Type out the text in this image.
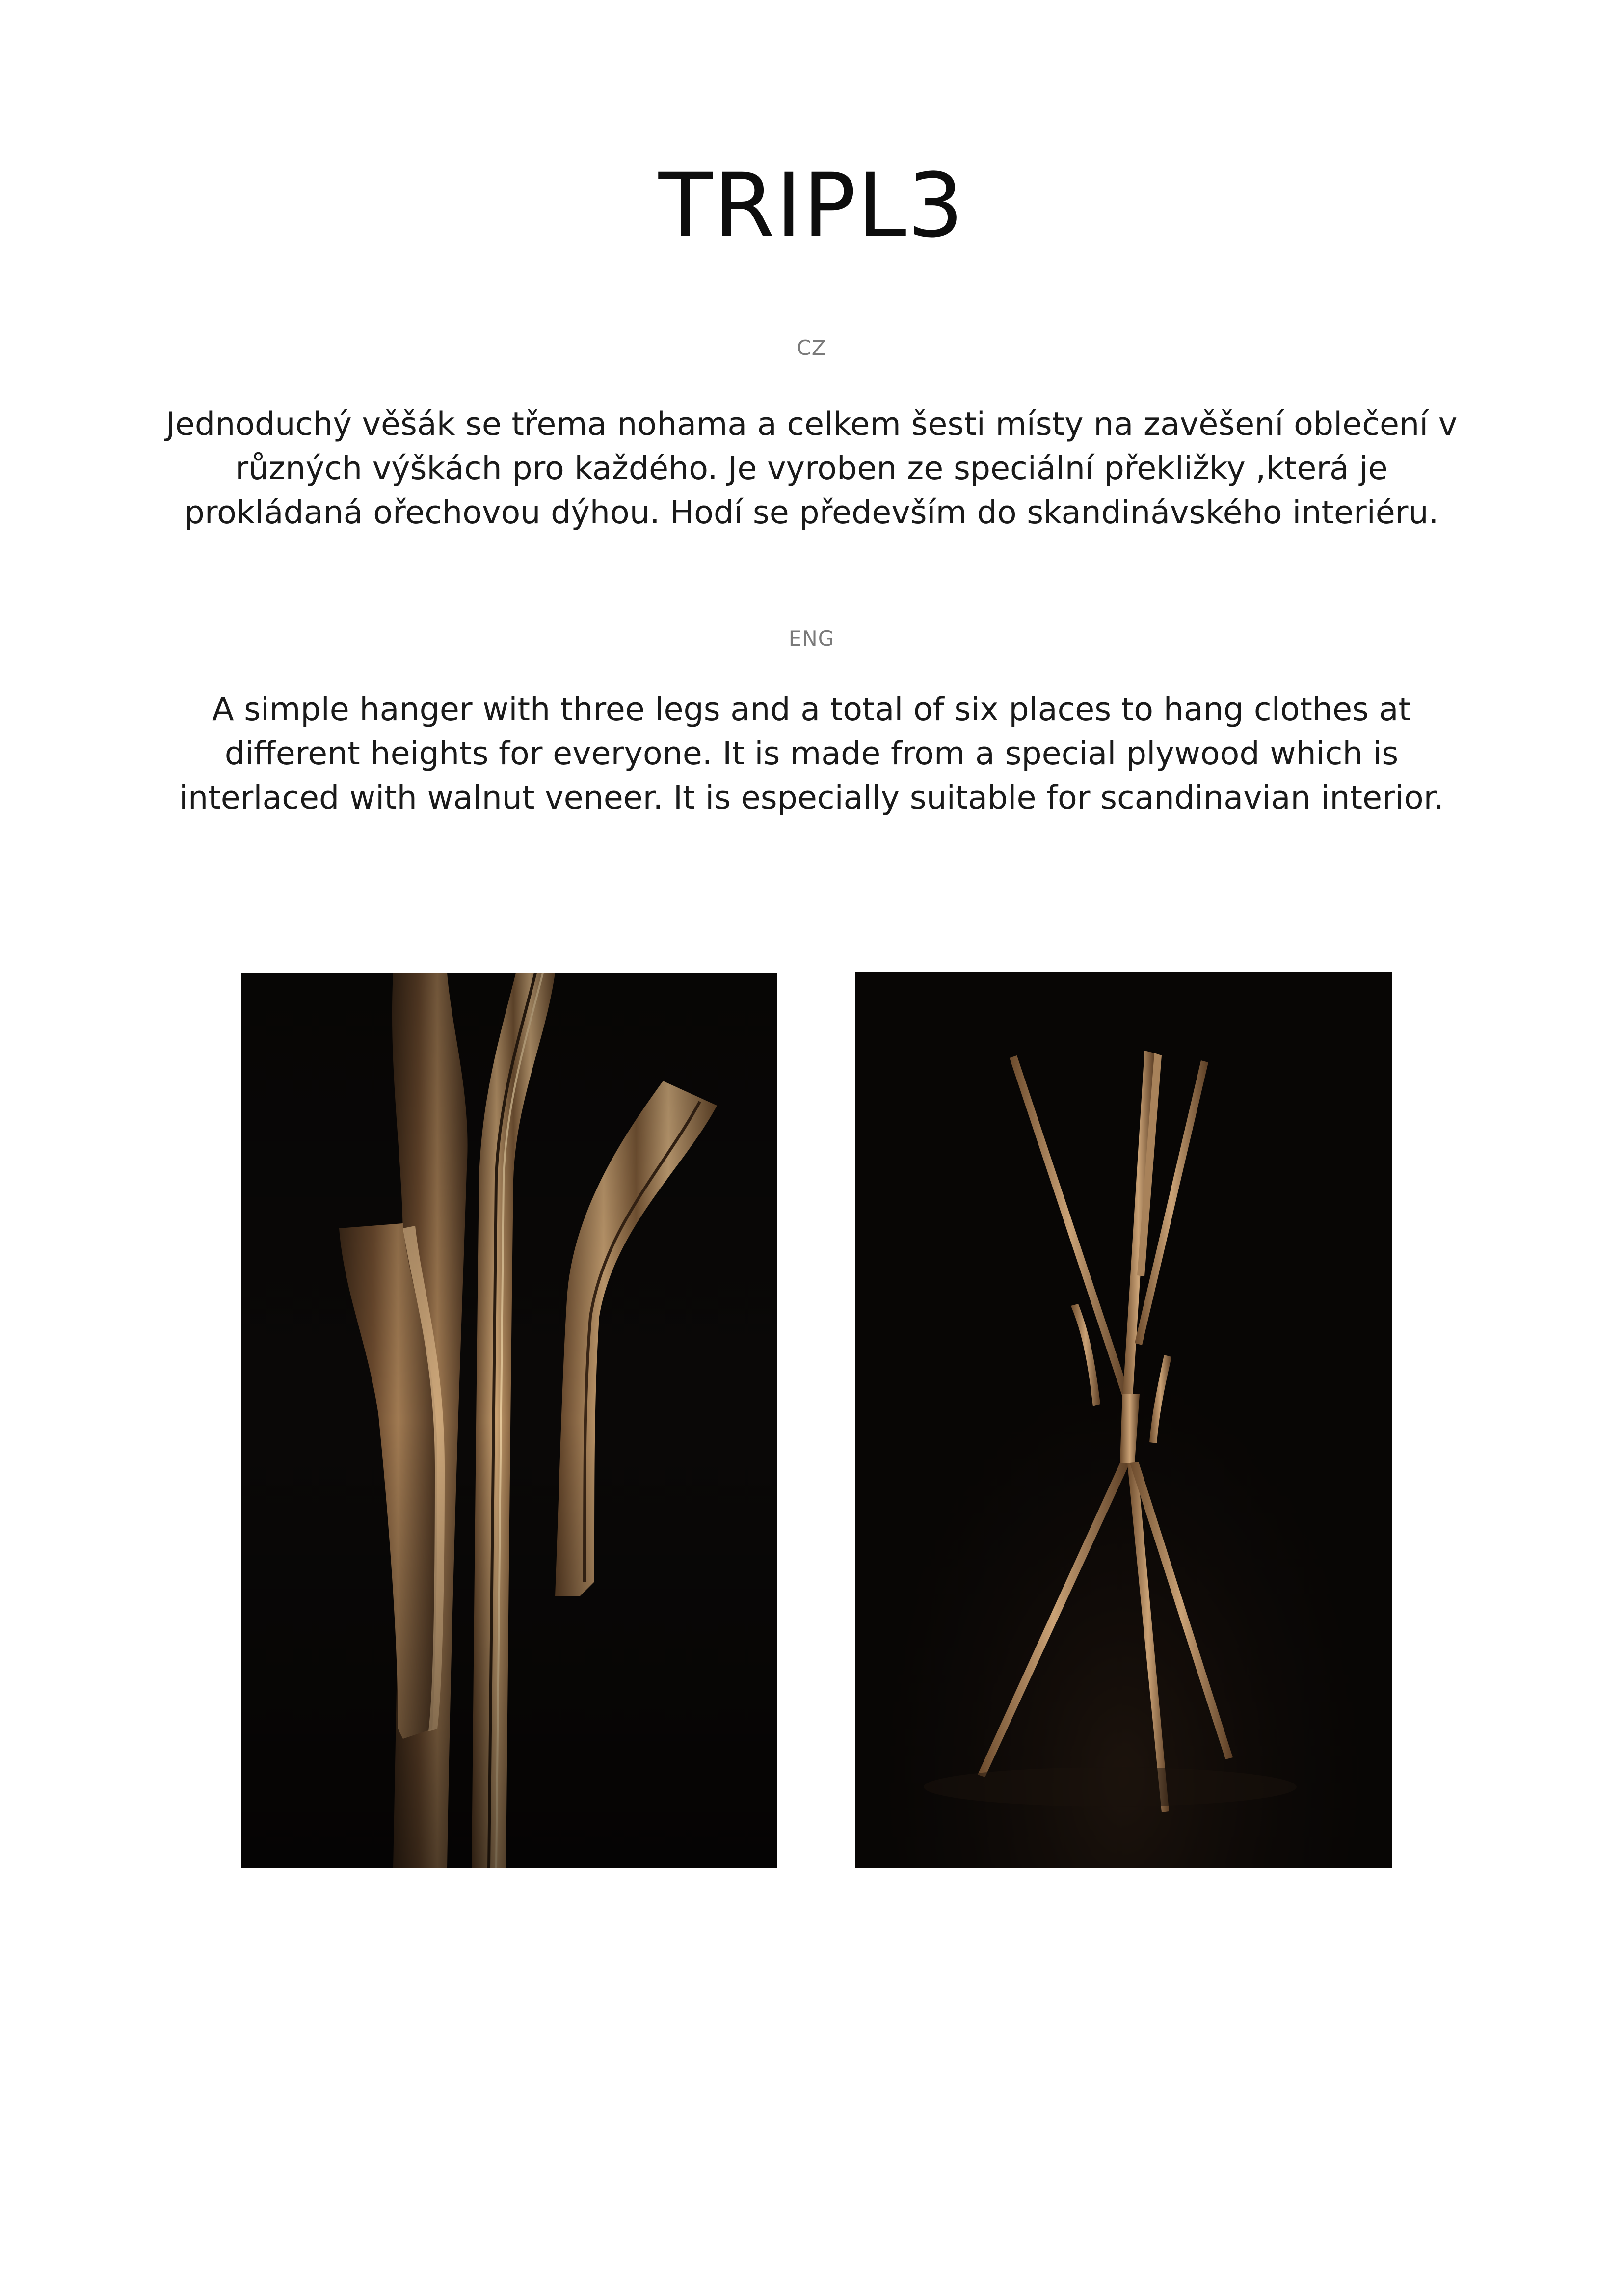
TRIPL3
CZ

Jednoduchý věšák se třema nohama a celkem šesti místy na zavěšení oblečení v různých výškách pro každého. Je vyroben ze speciální překližky ,která je prokládaná ořechovou dýhou. Hodí se především do skandinávského interiéru.

ENG

A simple hanger with three legs and a total of six places to hang clothes at different heights for everyone. It is made from a special plywood which is interlaced with walnut veneer. It is especially suitable for scandinavian interior.
